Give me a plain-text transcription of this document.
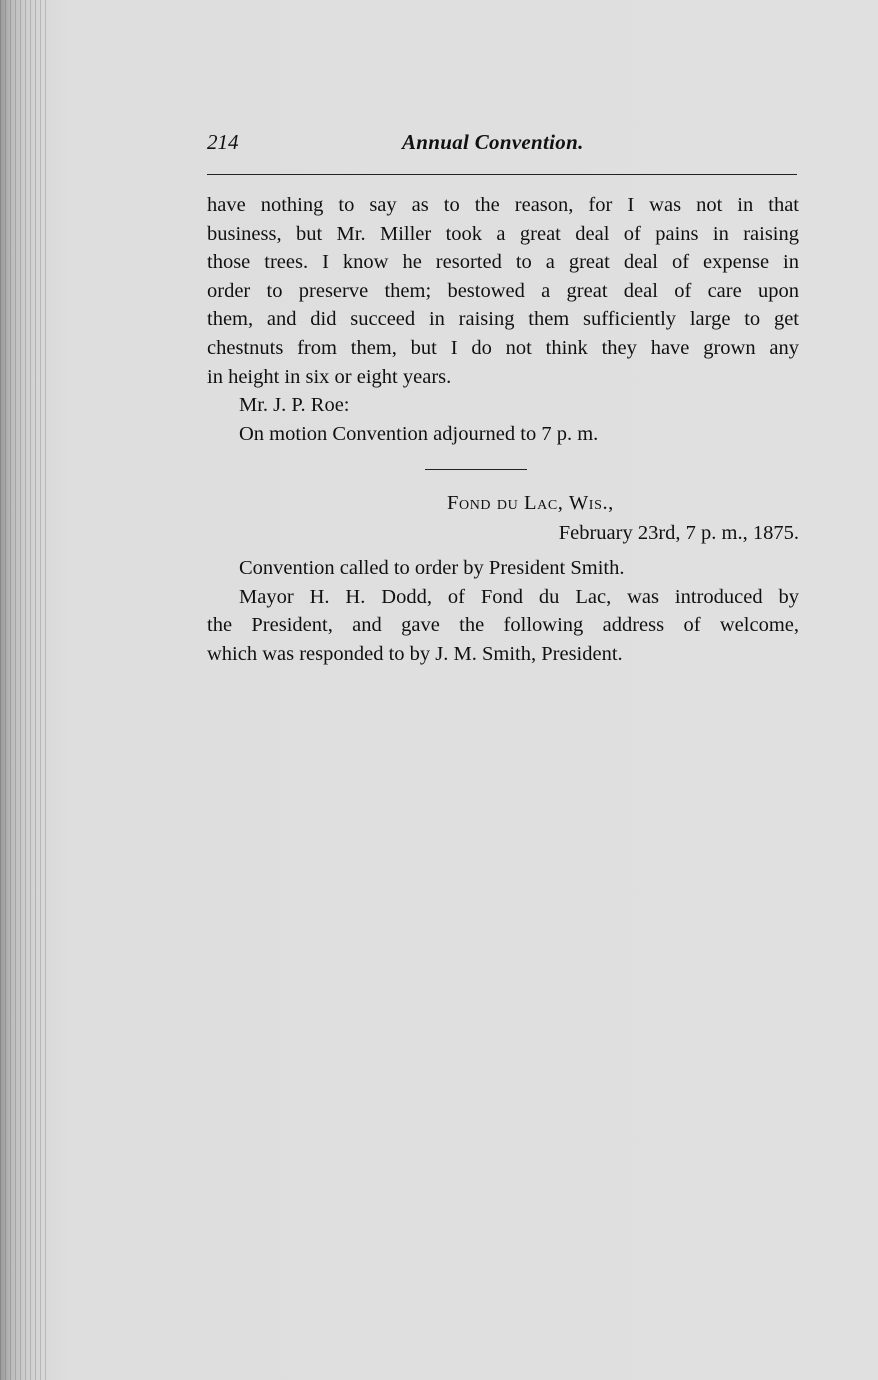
214	Annual Convention.
have nothing to say as to the reason, for I was not in that
business, but Mr. Miller took a great deal of pains in raising
those trees. I know he resorted to a great deal of expense in
order to preserve them; bestowed a great deal of care upon
them, and did succeed in raising them sufficiently large to get
chestnuts from them, but I do not think they have grown any
in height in six or eight years.
Mr. J. P. Roe:
On motion Convention adjourned to 7 p. m.
Fond du Lac, Wis.,
February 23rd, 7 p. m., 1875.
Convention called to order by President Smith.
Mayor H. H. Dodd, of Fond du Lac, was introduced by
the President, and gave the following address of welcome,
which was responded to by J. M. Smith, President.
